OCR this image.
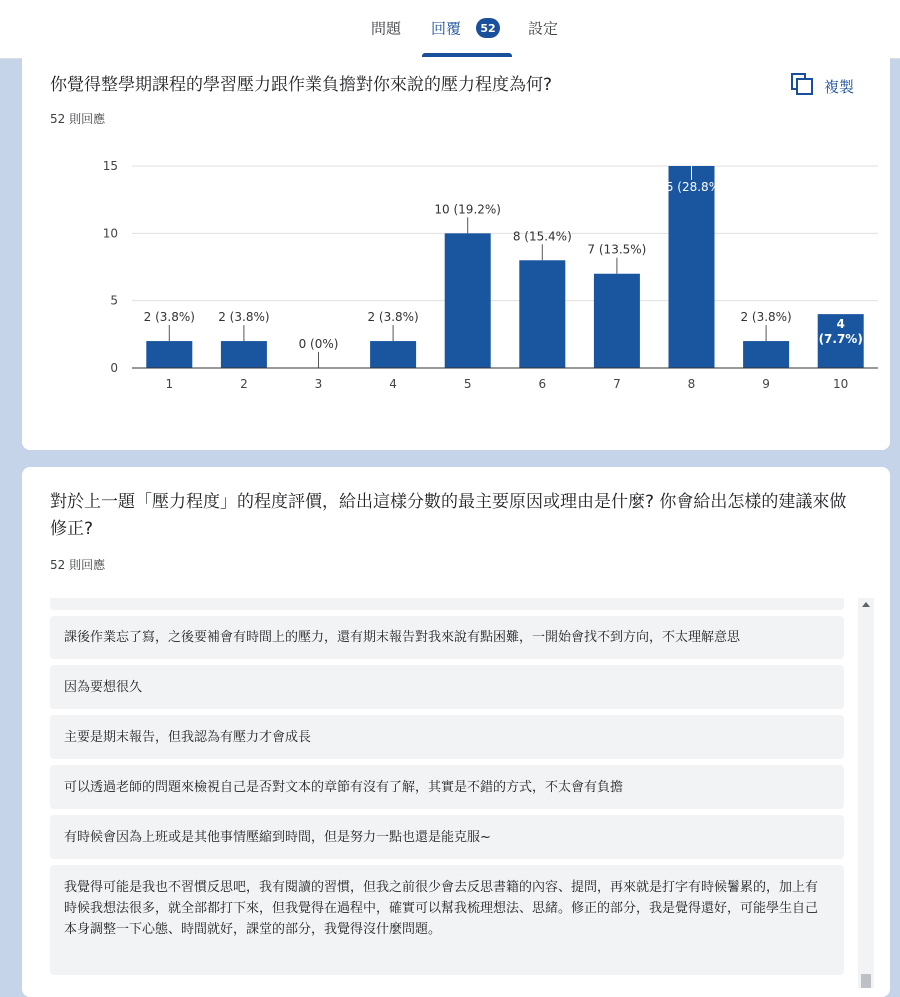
問題 回覆	52 設定
你覺得整學期課程的學習壓力跟作業負擔對你來說的壓力程度為何?
52 則回應
複製
0
5
10
15
2 (3.8%)
1
2 (3.8%)
2
0 (0%)
3
2 (3.8%)
4
10 (19.2%)
5
8 (15.4%)
6
7 (13.5%)
7
15 (28.8%)
8
2 (3.8%)
9
4
(7.7%)
10
對於上一題「壓力程度」的程度評價，給出這樣分數的最主要原因或理由是什麼? 你會給出怎樣的建議來做修正?
52 則回應
課後作業忘了寫，之後要補會有時間上的壓力，還有期末報告對我來說有點困難，一開始會找不到方向，不太理解意思
因為要想很久
主要是期末報告，但我認為有壓力才會成長
可以透過老師的問題來檢視自己是否對文本的章節有沒有了解，其實是不錯的方式，不太會有負擔
有時候會因為上班或是其他事情壓縮到時間，但是努力一點也還是能克服~
我覺得可能是我也不習慣反思吧，我有閱讀的習慣，但我之前很少會去反思書籍的內容、提問，再來就是打字有時候鬐累的，加上有時候我想法很多，就全部都打下來，但我覺得在過程中，確實可以幫我梳理想法、思緒。修正的部分，我是覺得還好，可能學生自己本身調整一下心態、時間就好，課堂的部分，我覺得沒什麼問題。
